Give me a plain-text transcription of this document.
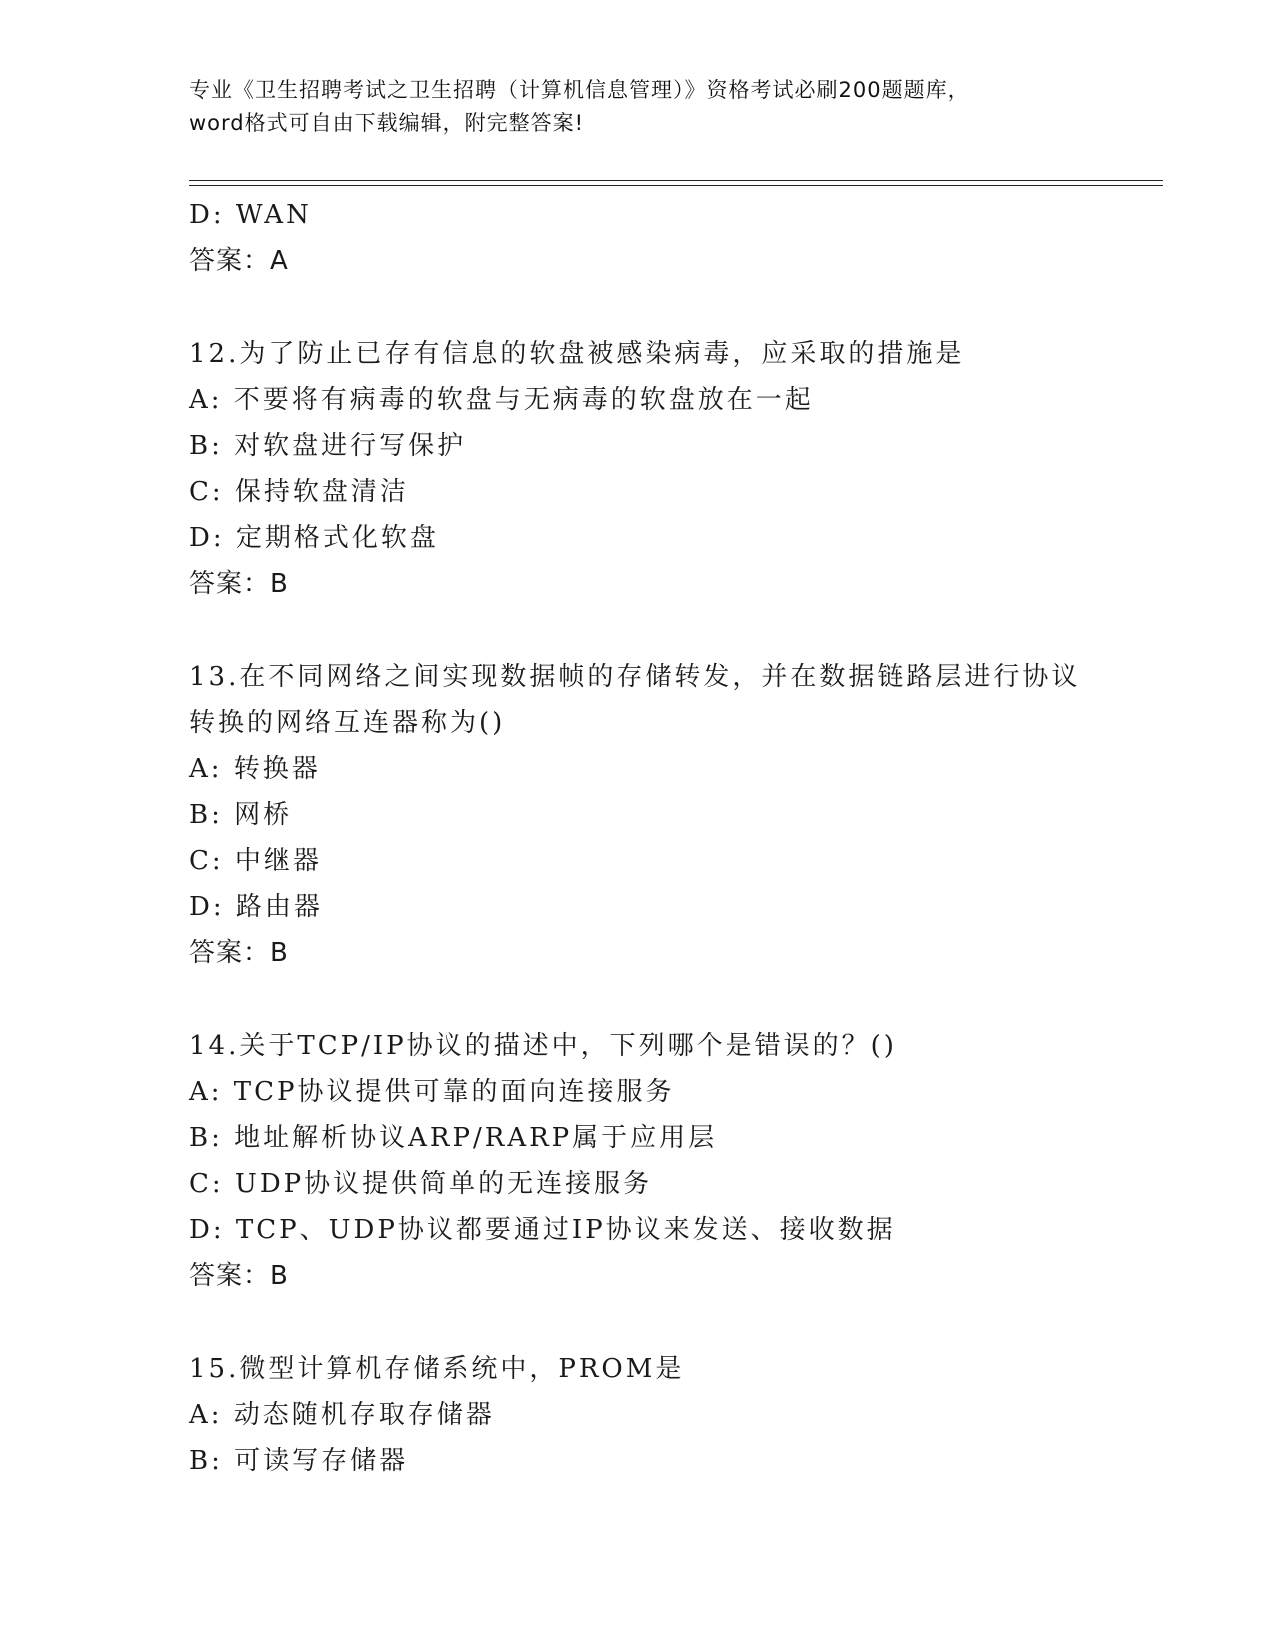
专业《卫生招聘考试之卫生招聘（计算机信息管理）》资格考试必刷200题题库，
word格式可自由下载编辑，附完整答案!
D: WAN
答案：A
12.为了防止已存有信息的软盘被感染病毒，应采取的措施是
A: 不要将有病毒的软盘与无病毒的软盘放在一起
B: 对软盘进行写保护
C: 保持软盘清洁
D: 定期格式化软盘
答案：B
13.在不同网络之间实现数据帧的存储转发，并在数据链路层进行协议
转换的网络互连器称为()
A: 转换器
B: 网桥
C: 中继器
D: 路由器
答案：B
14.关于TCP/IP协议的描述中，下列哪个是错误的？()
A: TCP协议提供可靠的面向连接服务
B: 地址解析协议ARP/RARP属于应用层
C: UDP协议提供简单的无连接服务
D: TCP、UDP协议都要通过IP协议来发送、接收数据
答案：B
15.微型计算机存储系统中，PROM是
A: 动态随机存取存储器
B: 可读写存储器
